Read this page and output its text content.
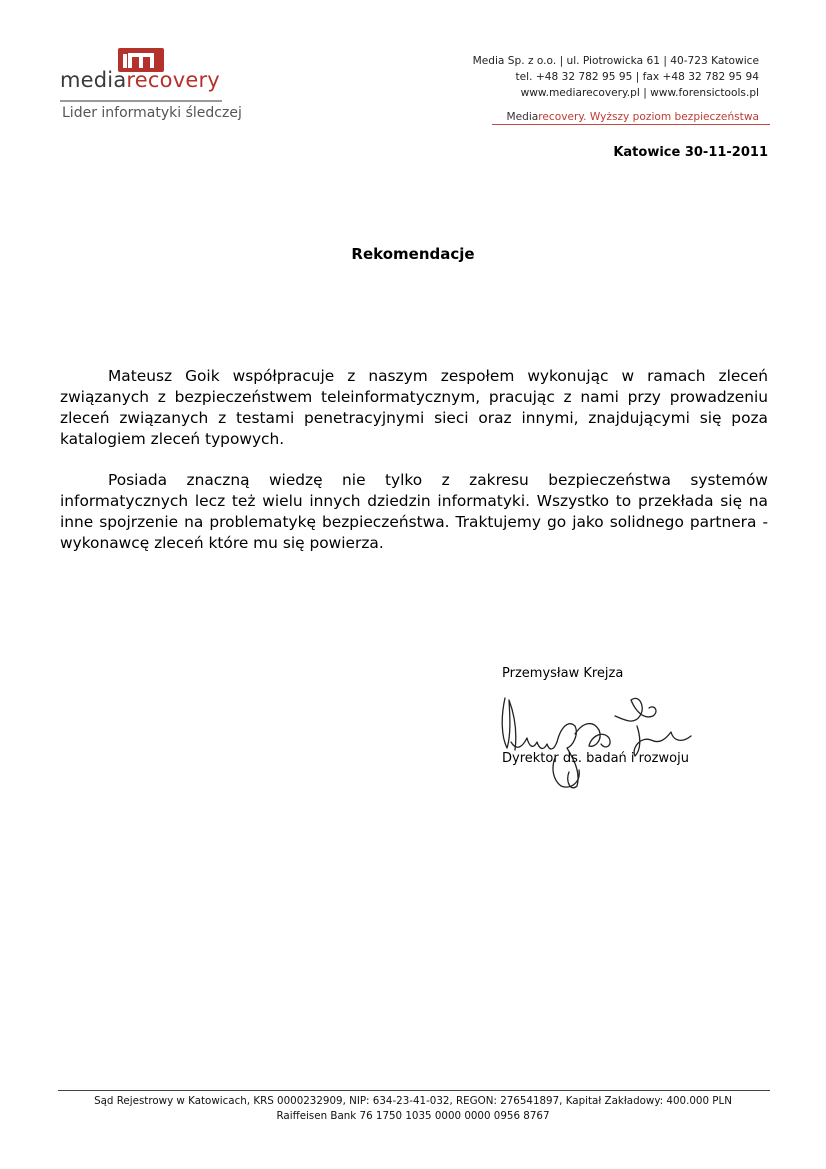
mediarecovery
Lider informatyki śledczej
Media Sp. z o.o. | ul. Piotrowicka 61 | 40-723 Katowice
tel. +48 32 782 95 95 | fax +48 32 782 95 94
www.mediarecovery.pl | www.forensictools.pl
Mediarecovery. Wyższy poziom bezpieczeństwa
Katowice 30-11-2011
Rekomendacje

Mateusz Goik współpracuje z naszym zespołem wykonując w ramach zleceń związanych z bezpieczeństwem teleinformatycznym, pracując z nami przy prowadzeniu zleceń związanych z testami penetracyjnymi sieci oraz innymi, znajdującymi się poza katalogiem zleceń typowych.

Posiada znaczną wiedzę nie tylko z zakresu bezpieczeństwa systemów informatycznych lecz też wielu innych dziedzin informatyki. Wszystko to przekłada się na inne spojrzenie na problematykę bezpieczeństwa. Traktujemy go jako solidnego partnera - wykonawcę zleceń które mu się powierza.

Przemysław Krejza
Dyrektor ds. badań i rozwoju
Sąd Rejestrowy w Katowicach, KRS 0000232909, NIP: 634-23-41-032, REGON: 276541897, Kapitał Zakładowy: 400.000 PLN
Raiffeisen Bank 76 1750 1035 0000 0000 0956 8767
